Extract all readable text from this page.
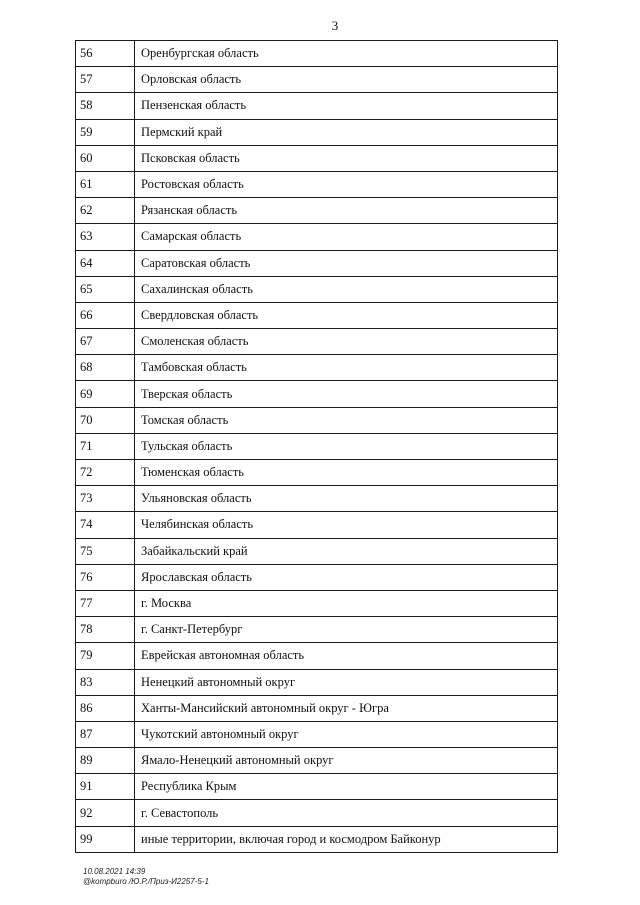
3
56	Оренбургская область
57	Орловская область
58	Пензенская область
59	Пермский край
60	Псковская область
61	Ростовская область
62	Рязанская область
63	Самарская область
64	Саратовская область
65	Сахалинская область
66	Свердловская область
67	Смоленская область
68	Тамбовская область
69	Тверская область
70	Томская область
71	Тульская область
72	Тюменская область
73	Ульяновская область
74	Челябинская область
75	Забайкальский край
76	Ярославская область
77	г. Москва
78	г. Санкт-Петербург
79	Еврейская автономная область
83	Ненецкий автономный округ
86	Ханты-Мансийский автономный округ - Югра
87	Чукотский автономный округ
89	Ямало-Ненецкий автономный округ
91	Республика Крым
92	г. Севастополь
99	иные территории, включая город и космодром Байконур
10.08.2021 14:39
@kompburo /Ю.Р./Приз-И2257-5-1
